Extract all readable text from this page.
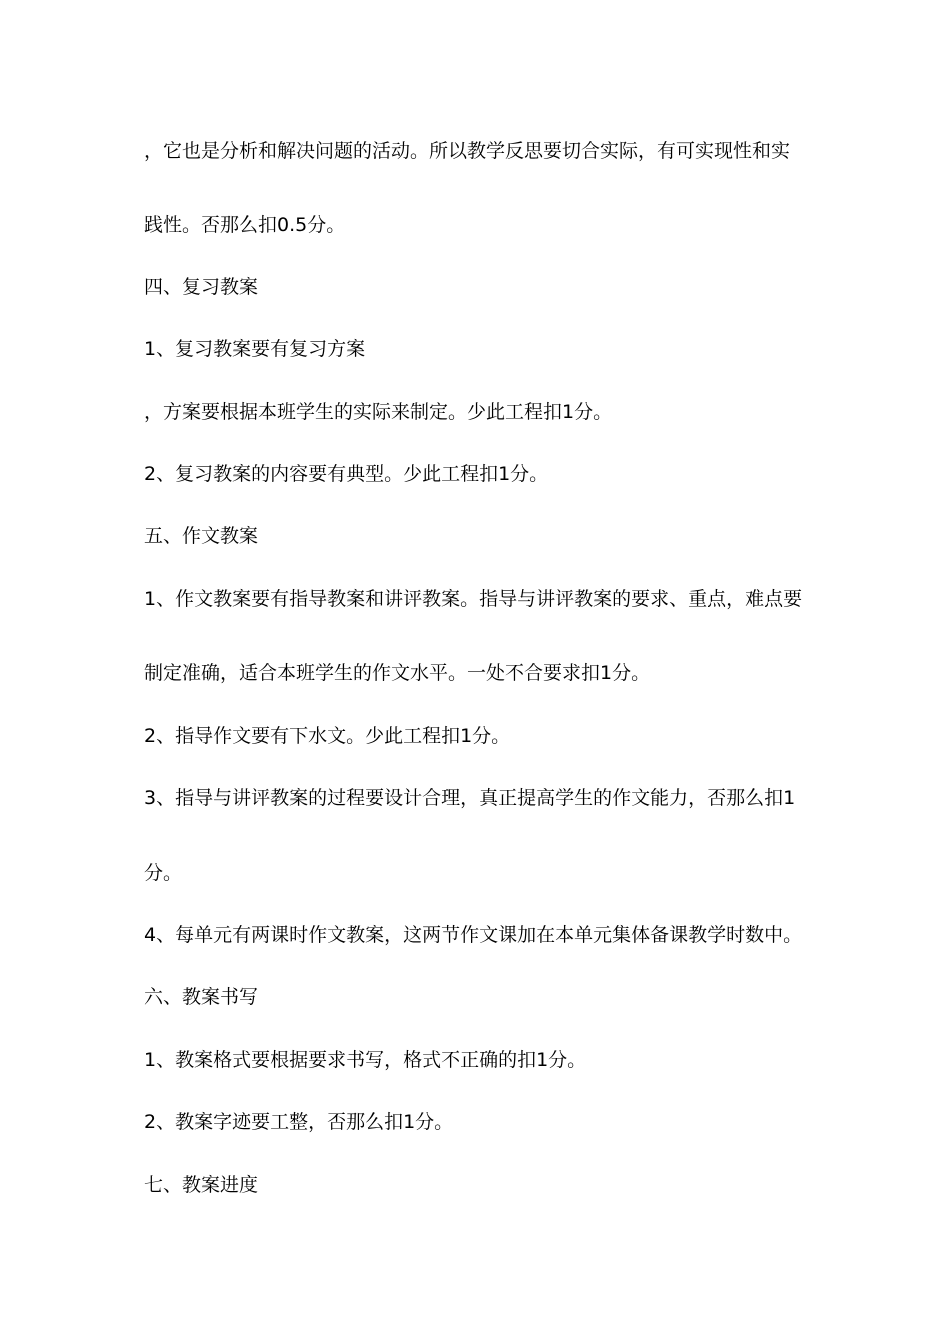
，它也是分析和解决问题的活动。所以教学反思要切合实际，有可实现性和实
践性。否那么扣0.5分。
四、复习教案
1、复习教案要有复习方案
，方案要根据本班学生的实际来制定。少此工程扣1分。
2、复习教案的内容要有典型。少此工程扣1分。
五、作文教案
1、作文教案要有指导教案和讲评教案。指导与讲评教案的要求、重点，难点要
制定准确，适合本班学生的作文水平。一处不合要求扣1分。
2、指导作文要有下水文。少此工程扣1分。
3、指导与讲评教案的过程要设计合理，真正提高学生的作文能力，否那么扣1
分。
4、每单元有两课时作文教案，这两节作文课加在本单元集体备课教学时数中。
六、教案书写
1、教案格式要根据要求书写，格式不正确的扣1分。
2、教案字迹要工整，否那么扣1分。
七、教案进度
